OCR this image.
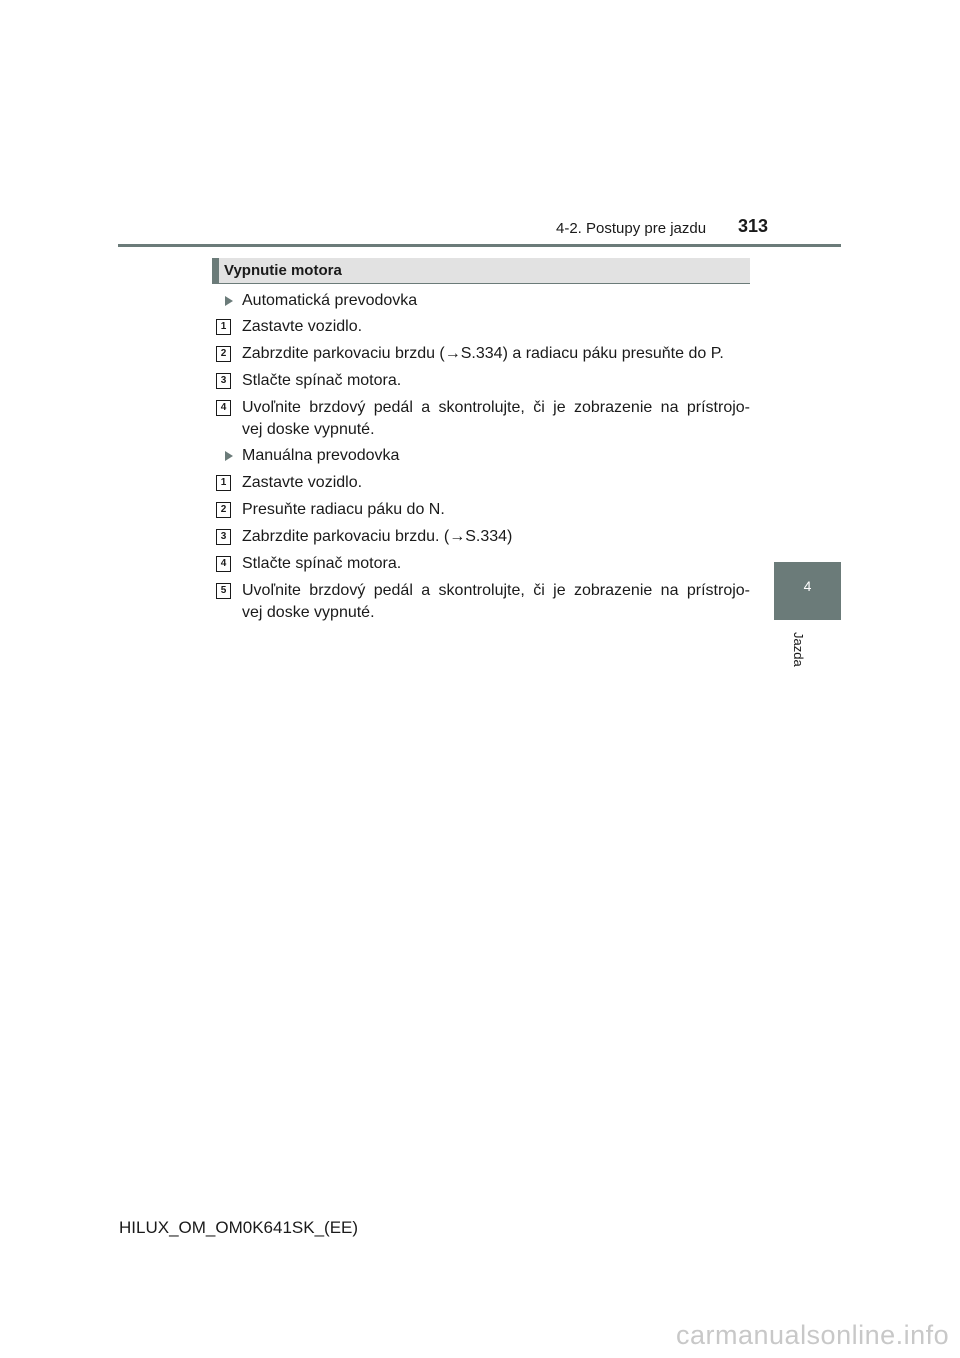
4-2. Postupy pre jazdu 313
4
Jazda
Vypnutie motora
Automatická prevodovka
1 Zastavte vozidlo.
2 Zabrzdite parkovaciu brzdu (→S.334) a radiacu páku presuňte do P.
3 Stlačte spínač motora.
4 Uvoľnite brzdový pedál a skontrolujte, či je zobrazenie na prístrojo-
vej doske vypnuté.
Manuálna prevodovka
1 Zastavte vozidlo.
2 Presuňte radiacu páku do N.
3 Zabrzdite parkovaciu brzdu. (→S.334)
4 Stlačte spínač motora.
5 Uvoľnite brzdový pedál a skontrolujte, či je zobrazenie na prístrojo-
vej doske vypnuté.
HILUX_OM_OM0K641SK_(EE)
carmanualsonline.info
